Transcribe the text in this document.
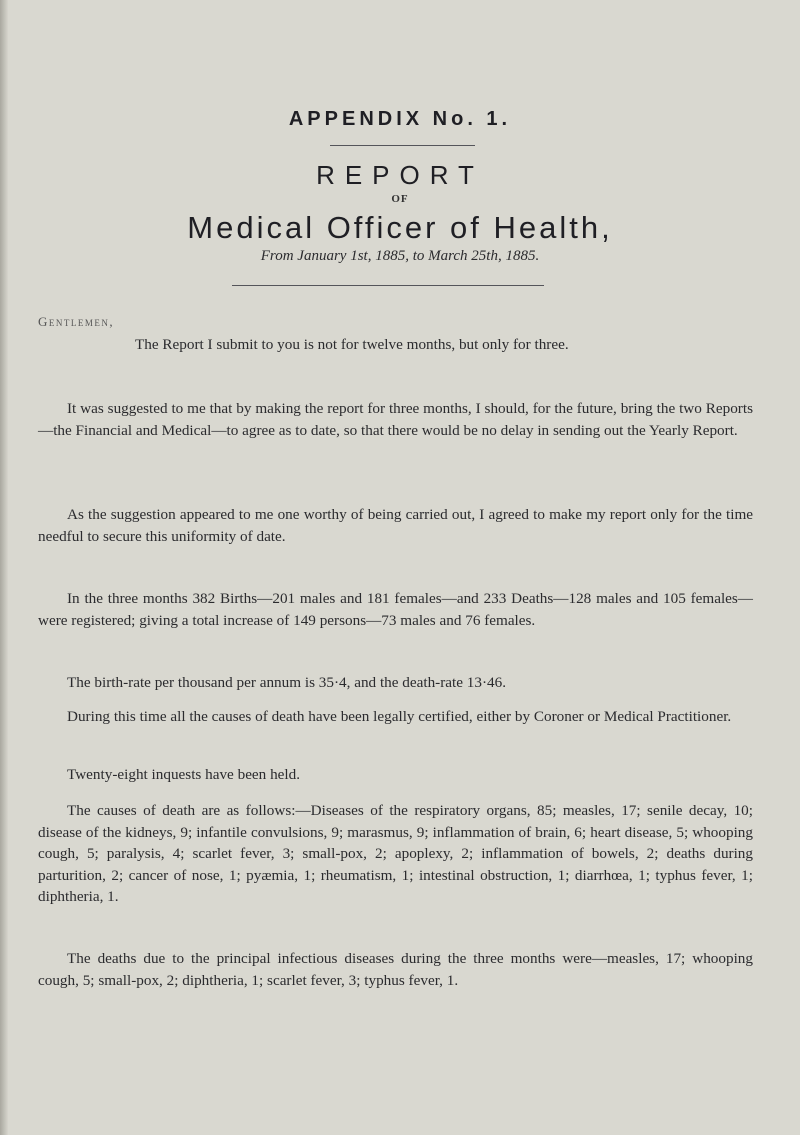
APPENDIX No. 1.
REPORT
OF
Medical Officer of Health,
From January 1st, 1885, to March 25th, 1885.
Gentlemen,

The Report I submit to you is not for twelve months, but only for three.

It was suggested to me that by making the report for three months, I should, for the future, bring the two Reports—the Financial and Medical—to agree as to date, so that there would be no delay in sending out the Yearly Report.

As the suggestion appeared to me one worthy of being carried out, I agreed to make my report only for the time needful to secure this uniformity of date.

In the three months 382 Births—201 males and 181 females—and 233 Deaths—128 males and 105 females—were registered; giving a total increase of 149 persons—73 males and 76 females.

The birth-rate per thousand per annum is 35·4, and the death-rate 13·46.

During this time all the causes of death have been legally certified, either by Coroner or Medical Practitioner.

Twenty-eight inquests have been held.

The causes of death are as follows:—Diseases of the respiratory organs, 85; measles, 17; senile decay, 10; disease of the kidneys, 9; infantile convulsions, 9; marasmus, 9; inflammation of brain, 6; heart disease, 5; whooping cough, 5; paralysis, 4; scarlet fever, 3; small-pox, 2; apoplexy, 2; inflammation of bowels, 2; deaths during parturition, 2; cancer of nose, 1; pyæmia, 1; rheumatism, 1; intestinal obstruction, 1; diarrhœa, 1; typhus fever, 1; diphtheria, 1.

The deaths due to the principal infectious diseases during the three months were—measles, 17; whooping cough, 5; small-pox, 2; diphtheria, 1; scarlet fever, 3; typhus fever, 1.
